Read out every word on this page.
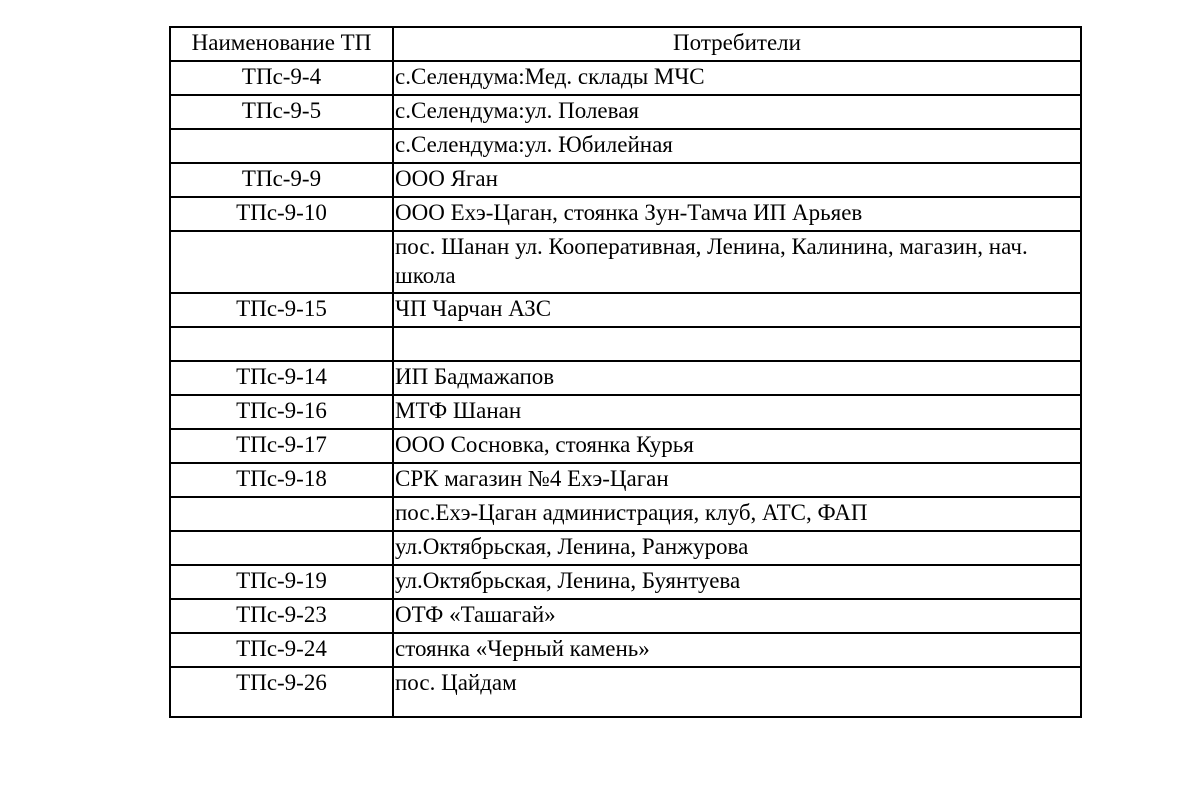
Наименование ТП	Потребители
ТПс-9-4	с.Селендума:Мед. склады МЧС
ТПс-9-5	с.Селендума:ул. Полевая
	с.Селендума:ул. Юбилейная
ТПс-9-9	ООО Яган
ТПс-9-10	ООО Ехэ-Цаган, стоянка Зун-Тамча ИП Арьяев
	пос. Шанан ул. Кооперативная, Ленина, Калинина, магазин, нач. школа
ТПс-9-15	ЧП Чарчан АЗС

ТПс-9-14	ИП Бадмажапов
ТПс-9-16	МТФ Шанан
ТПс-9-17	ООО Сосновка, стоянка Курья
ТПс-9-18	СРК магазин №4 Ехэ-Цаган
	пос.Ехэ-Цаган администрация, клуб, АТС, ФАП
	ул.Октябрьская, Ленина, Ранжурова
ТПс-9-19	ул.Октябрьская, Ленина, Буянтуева
ТПс-9-23	ОТФ «Ташагай»
ТПс-9-24	стоянка «Черный камень»
ТПс-9-26	пос. Цайдам
